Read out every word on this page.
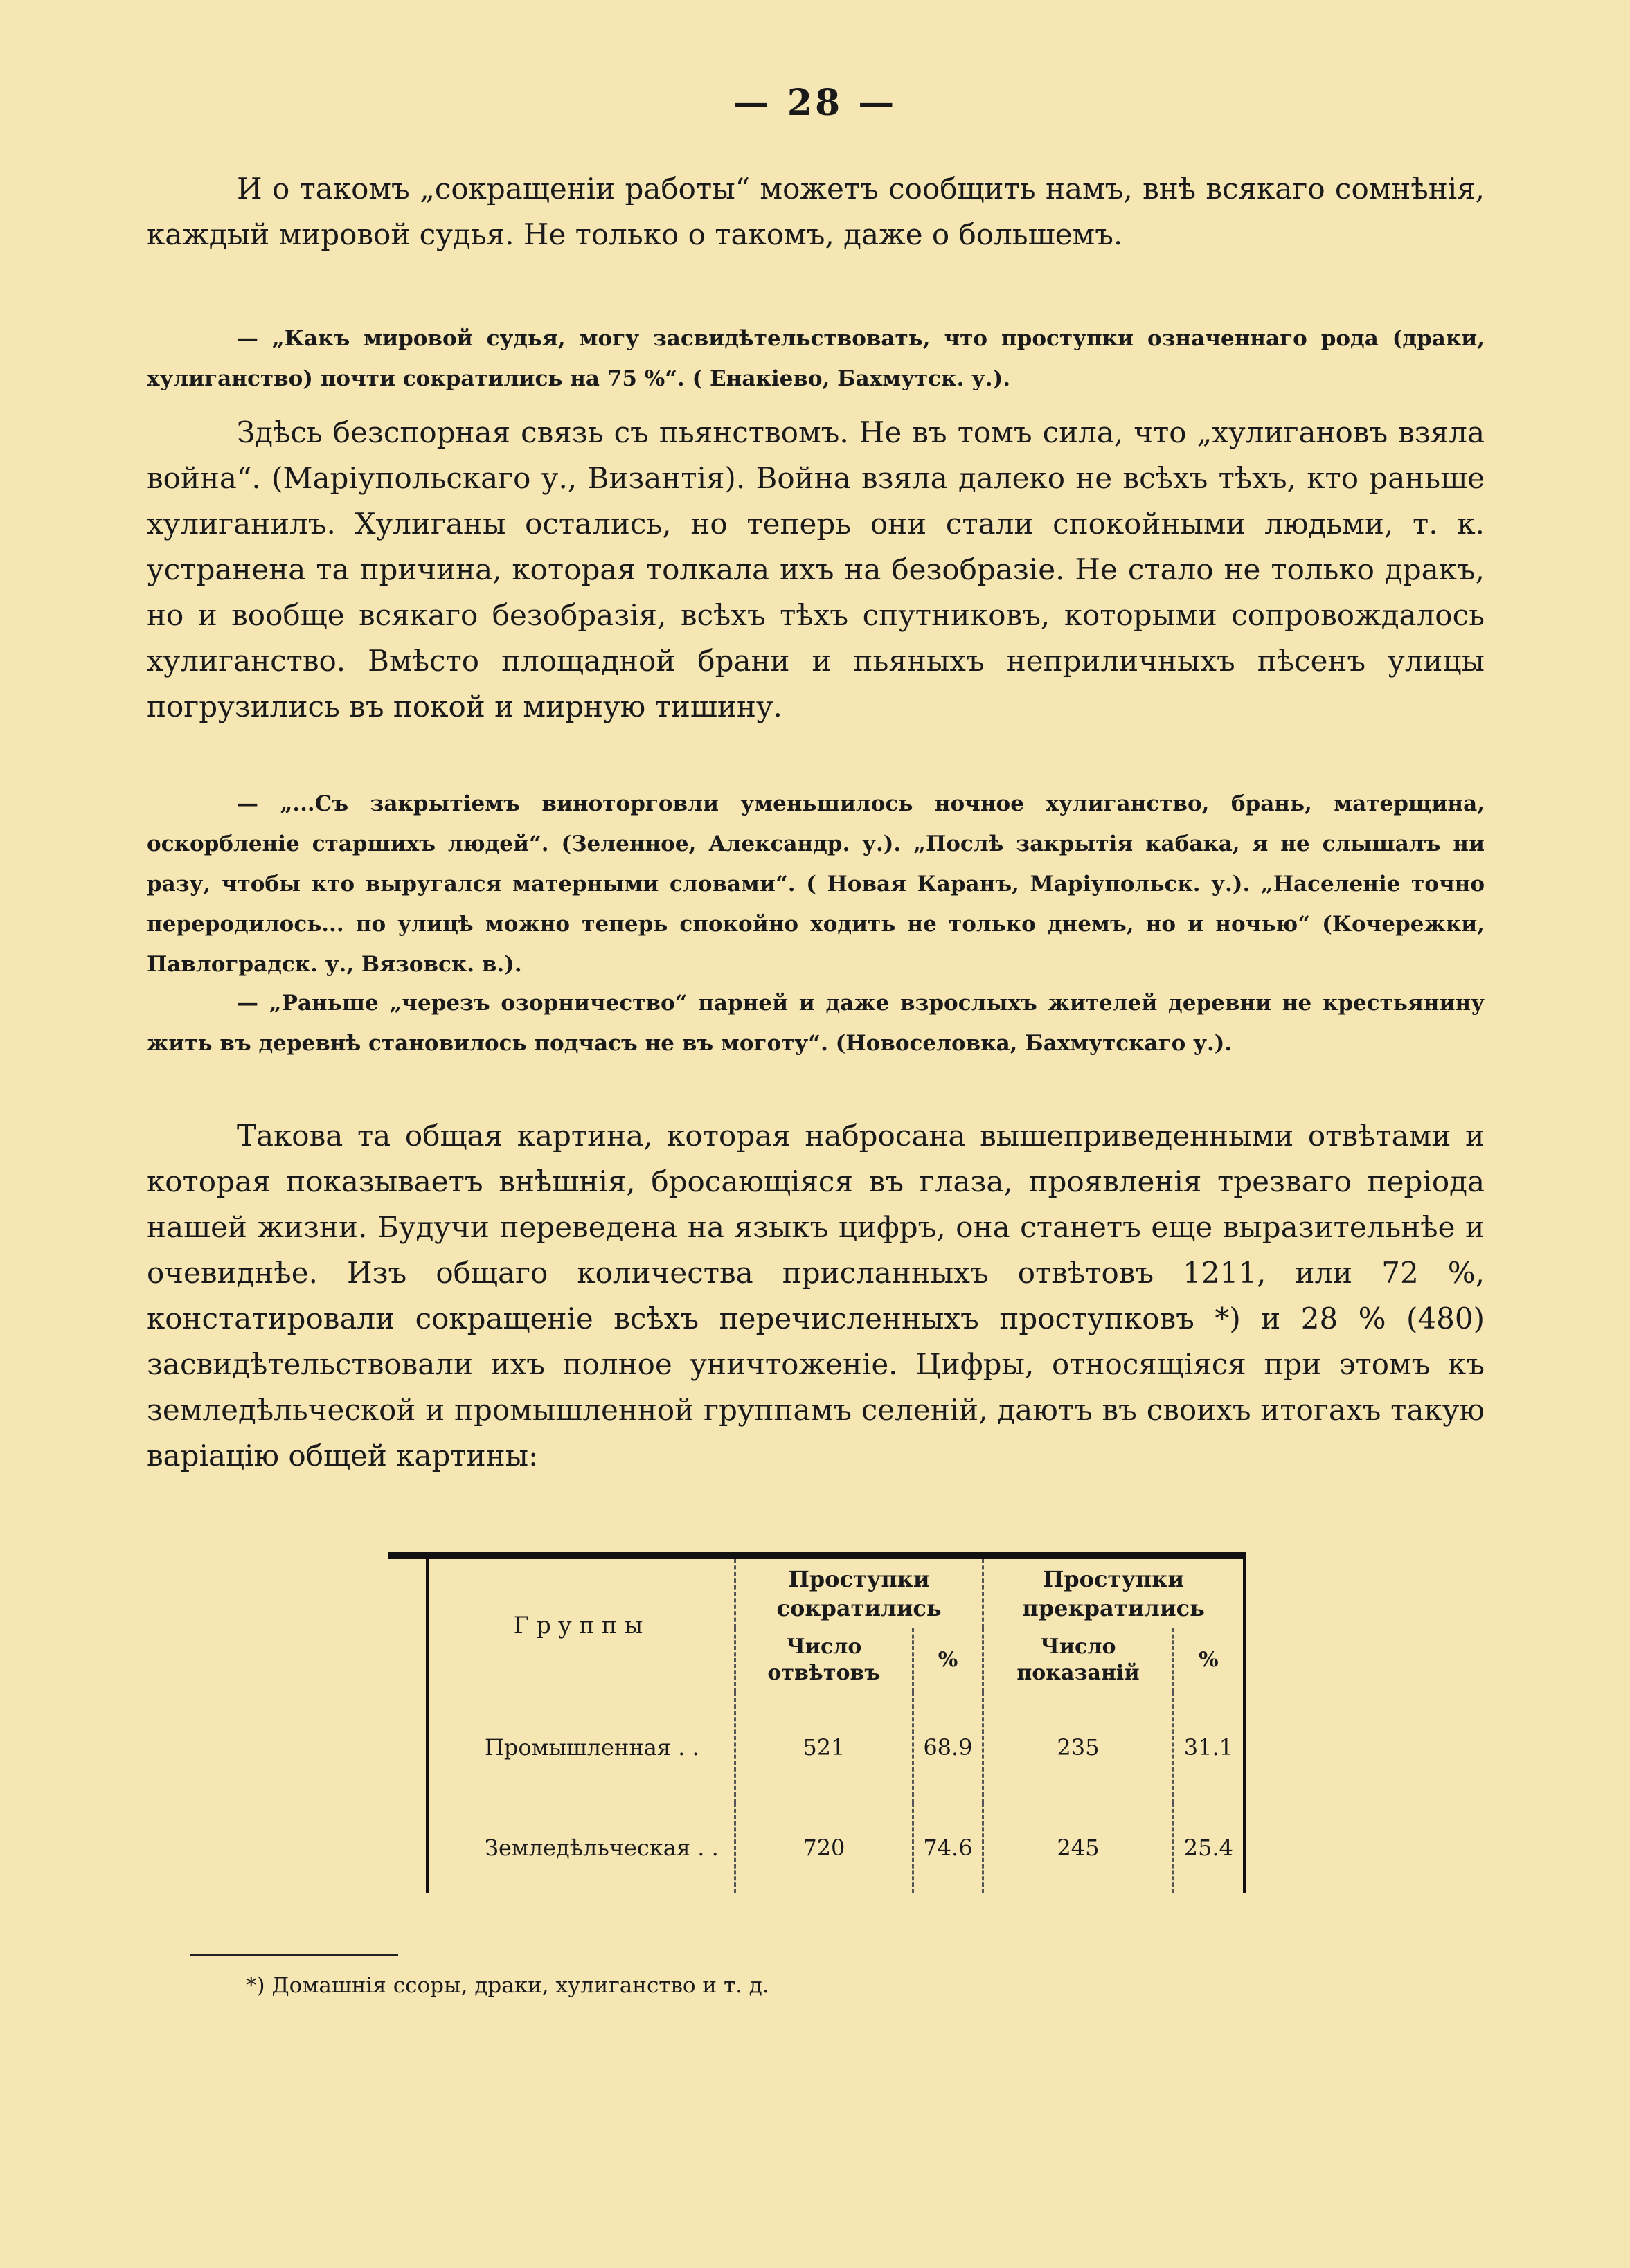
— 28 —

И о такомъ „сокращеніи работы“ можетъ сообщить намъ, внѣ всякаго сомнѣнія, каждый мировой судья. Не только о такомъ, даже о большемъ.

— „Какъ мировой судья, могу засвидѣтельствовать, что проступки означеннаго рода (драки, хулиганство) почти сократились на 75 %“. ( Енакіево, Бахмутск. у.).

Здѣсь безспорная связь съ пьянствомъ. Не въ томъ сила, что „хулигановъ взяла война“. (Маріупольскаго у., Византія). Война взяла далеко не всѣхъ тѣхъ, кто раньше хулиганилъ. Хулиганы остались, но теперь они стали спокойными людьми, т. к. устранена та причина, которая толкала ихъ на безобразіе. Не стало не только дракъ, но и вообще всякаго безобразія, всѣхъ тѣхъ спутниковъ, которыми сопровождалось хулиганство. Вмѣсто площадной брани и пьяныхъ неприличныхъ пѣсенъ улицы погрузились въ покой и мирную тишину.

— „...Съ закрытіемъ виноторговли уменьшилось ночное хулиганство, брань, матерщина, оскорбленіе старшихъ людей“. (Зеленное, Александр. у.). „Послѣ закрытія кабака, я не слышалъ ни разу, чтобы кто выругался матерными словами“. ( Новая Каранъ, Маріупольск. у.). „Населеніе точно переродилось... по улицѣ можно теперь спокойно ходить не только днемъ, но и ночью“ (Кочережки, Павлоградск. у., Вязовск. в.).

— „Раньше „черезъ озорничество“ парней и даже взрослыхъ жителей деревни не крестьянину жить въ деревнѣ становилось подчасъ не въ моготу“. (Новоселовка, Бахмутскаго у.).

Такова та общая картина, которая набросана вышеприведенными отвѣтами и которая показываетъ внѣшнія, бросающіяся въ глаза, проявленія трезваго періода нашей жизни. Будучи переведена на языкъ цифръ, она станетъ еще выразительнѣе и очевиднѣе. Изъ общаго количества присланныхъ отвѣтовъ 1211, или 72 %, констатировали сокращеніе всѣхъ перечисленныхъ проступковъ *) и 28 % (480) засвидѣтельствовали ихъ полное уничтоженіе. Цифры, относящіяся при этомъ къ земледѣльческой и промышленной группамъ селеній, даютъ въ своихъ итогахъ такую варіацію общей картины:

Группы	Проступки сократились		Проступки прекратились	
	Число отвѣтовъ	%	Число показаній	%
Промышленная . .	521	68.9	235	31.1
Земледѣльческая . .	720	74.6	245	25.4
*) Домашнія ссоры, драки, хулиганство и т. д.
